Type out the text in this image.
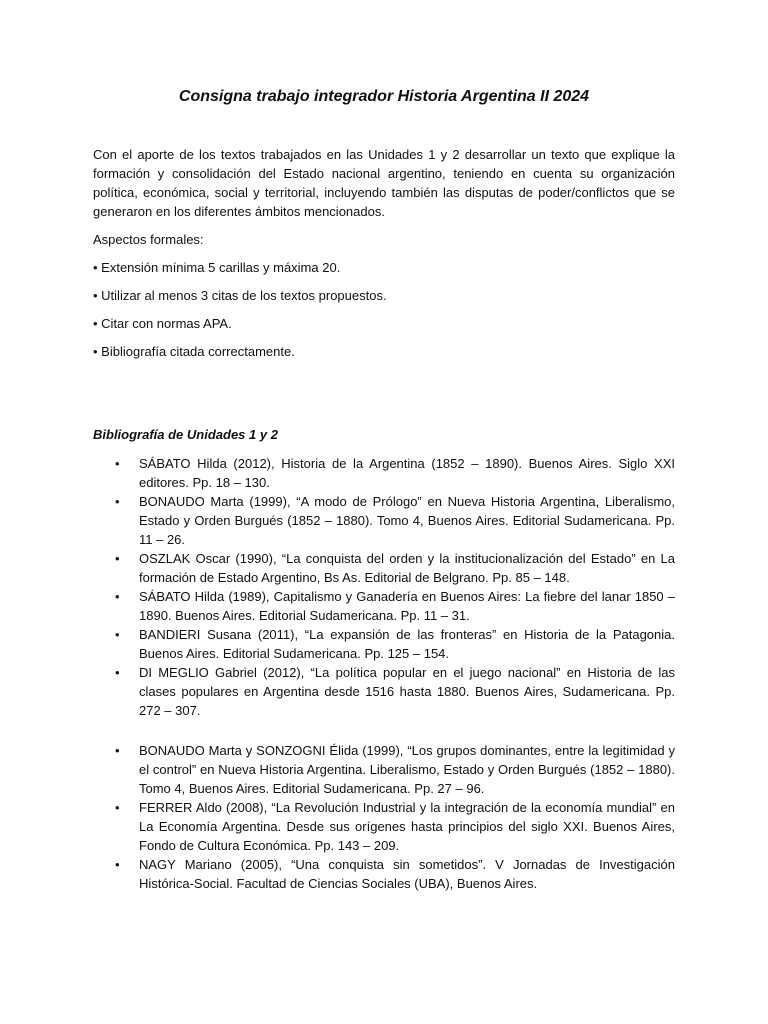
Consigna trabajo integrador Historia Argentina II 2024

Con el aporte de los textos trabajados en las Unidades 1 y 2 desarrollar un texto que explique la formación y consolidación del Estado nacional argentino, teniendo en cuenta su organización política, económica, social y territorial, incluyendo también las disputas de poder/conflictos que se generaron en los diferentes ámbitos mencionados.

Aspectos formales:

• Extensión mínima 5 carillas y máxima 20.
• Utilizar al menos 3 citas de los textos propuestos.
• Citar con normas APA.
• Bibliografía citada correctamente.

Bibliografía de Unidades 1 y 2

• SÁBATO Hilda (2012), Historia de la Argentina (1852 – 1890). Buenos Aires. Siglo XXI editores. Pp. 18 – 130.
• BONAUDO Marta (1999), “A modo de Prólogo” en Nueva Historia Argentina, Liberalismo, Estado y Orden Burgués (1852 – 1880). Tomo 4, Buenos Aires. Editorial Sudamericana. Pp. 11 – 26.
• OSZLAK Oscar (1990), “La conquista del orden y la institucionalización del Estado” en La formación de Estado Argentino, Bs As. Editorial de Belgrano. Pp. 85 – 148.
• SÁBATO Hilda (1989), Capitalismo y Ganadería en Buenos Aires: La fiebre del lanar 1850 – 1890. Buenos Aires. Editorial Sudamericana. Pp. 11 – 31.
• BANDIERI Susana (2011), “La expansión de las fronteras” en Historia de la Patagonia. Buenos Aires. Editorial Sudamericana. Pp. 125 – 154.
• DI MEGLIO Gabriel (2012), “La política popular en el juego nacional” en Historia de las clases populares en Argentina desde 1516 hasta 1880. Buenos Aires, Sudamericana. Pp. 272 – 307.
• BONAUDO Marta y SONZOGNI Élida (1999), “Los grupos dominantes, entre la legitimidad y el control” en Nueva Historia Argentina. Liberalismo, Estado y Orden Burgués (1852 – 1880). Tomo 4, Buenos Aires. Editorial Sudamericana. Pp. 27 – 96.
• FERRER Aldo (2008), “La Revolución Industrial y la integración de la economía mundial” en La Economía Argentina. Desde sus orígenes hasta principios del siglo XXI. Buenos Aires, Fondo de Cultura Económica. Pp. 143 – 209.
• NAGY Mariano (2005), “Una conquista sin sometidos”. V Jornadas de Investigación Histórica-Social. Facultad de Ciencias Sociales (UBA), Buenos Aires.
